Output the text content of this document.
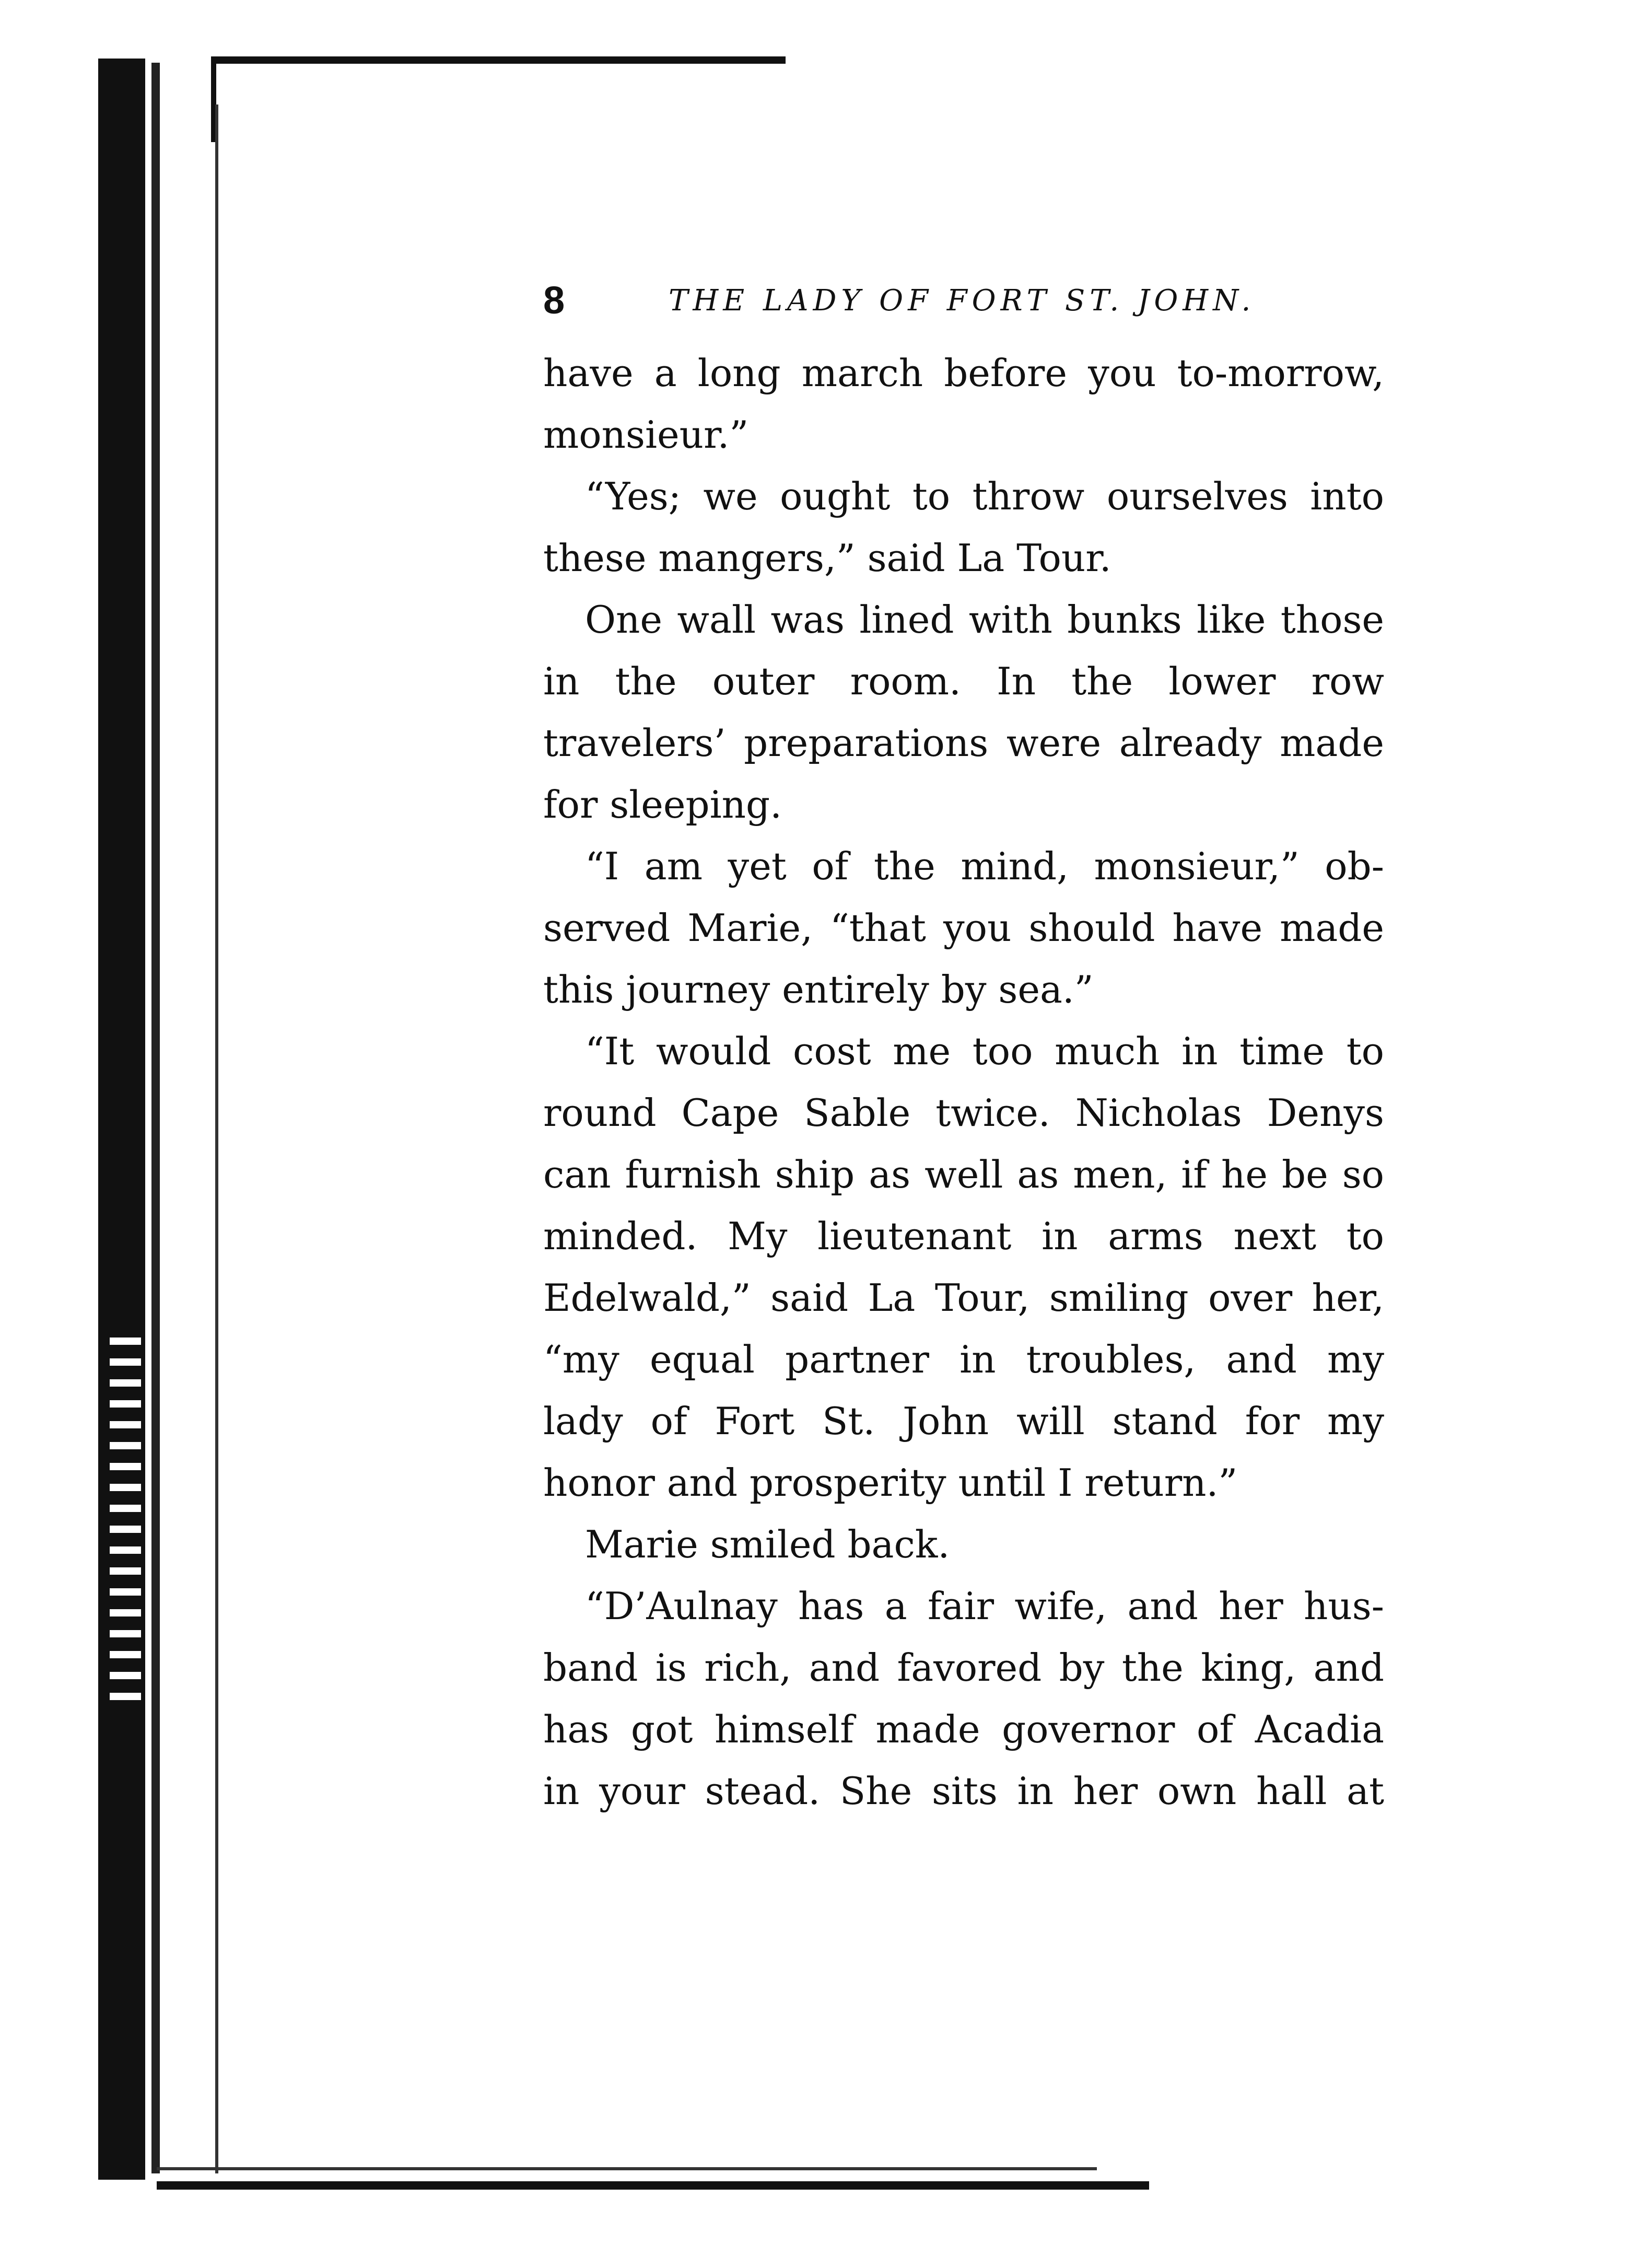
8	THE LADY OF FORT ST. JOHN.
have a long march before you to-morrow,
monsieur.”
“Yes; we ought to throw ourselves into
these mangers,” said La Tour.
One wall was lined with bunks like those
in the outer room. In the lower row
travelers’ preparations were already made
for sleeping.
“I am yet of the mind, monsieur,” ob-
served Marie, “that you should have made
this journey entirely by sea.”
“It would cost me too much in time to
round Cape Sable twice. Nicholas Denys
can furnish ship as well as men, if he be so
minded. My lieutenant in arms next to
Edelwald,” said La Tour, smiling over her,
“my equal partner in troubles, and my
lady of Fort St. John will stand for my
honor and prosperity until I return.”
Marie smiled back.
“D’Aulnay has a fair wife, and her hus-
band is rich, and favored by the king, and
has got himself made governor of Acadia
in your stead. She sits in her own hall at
